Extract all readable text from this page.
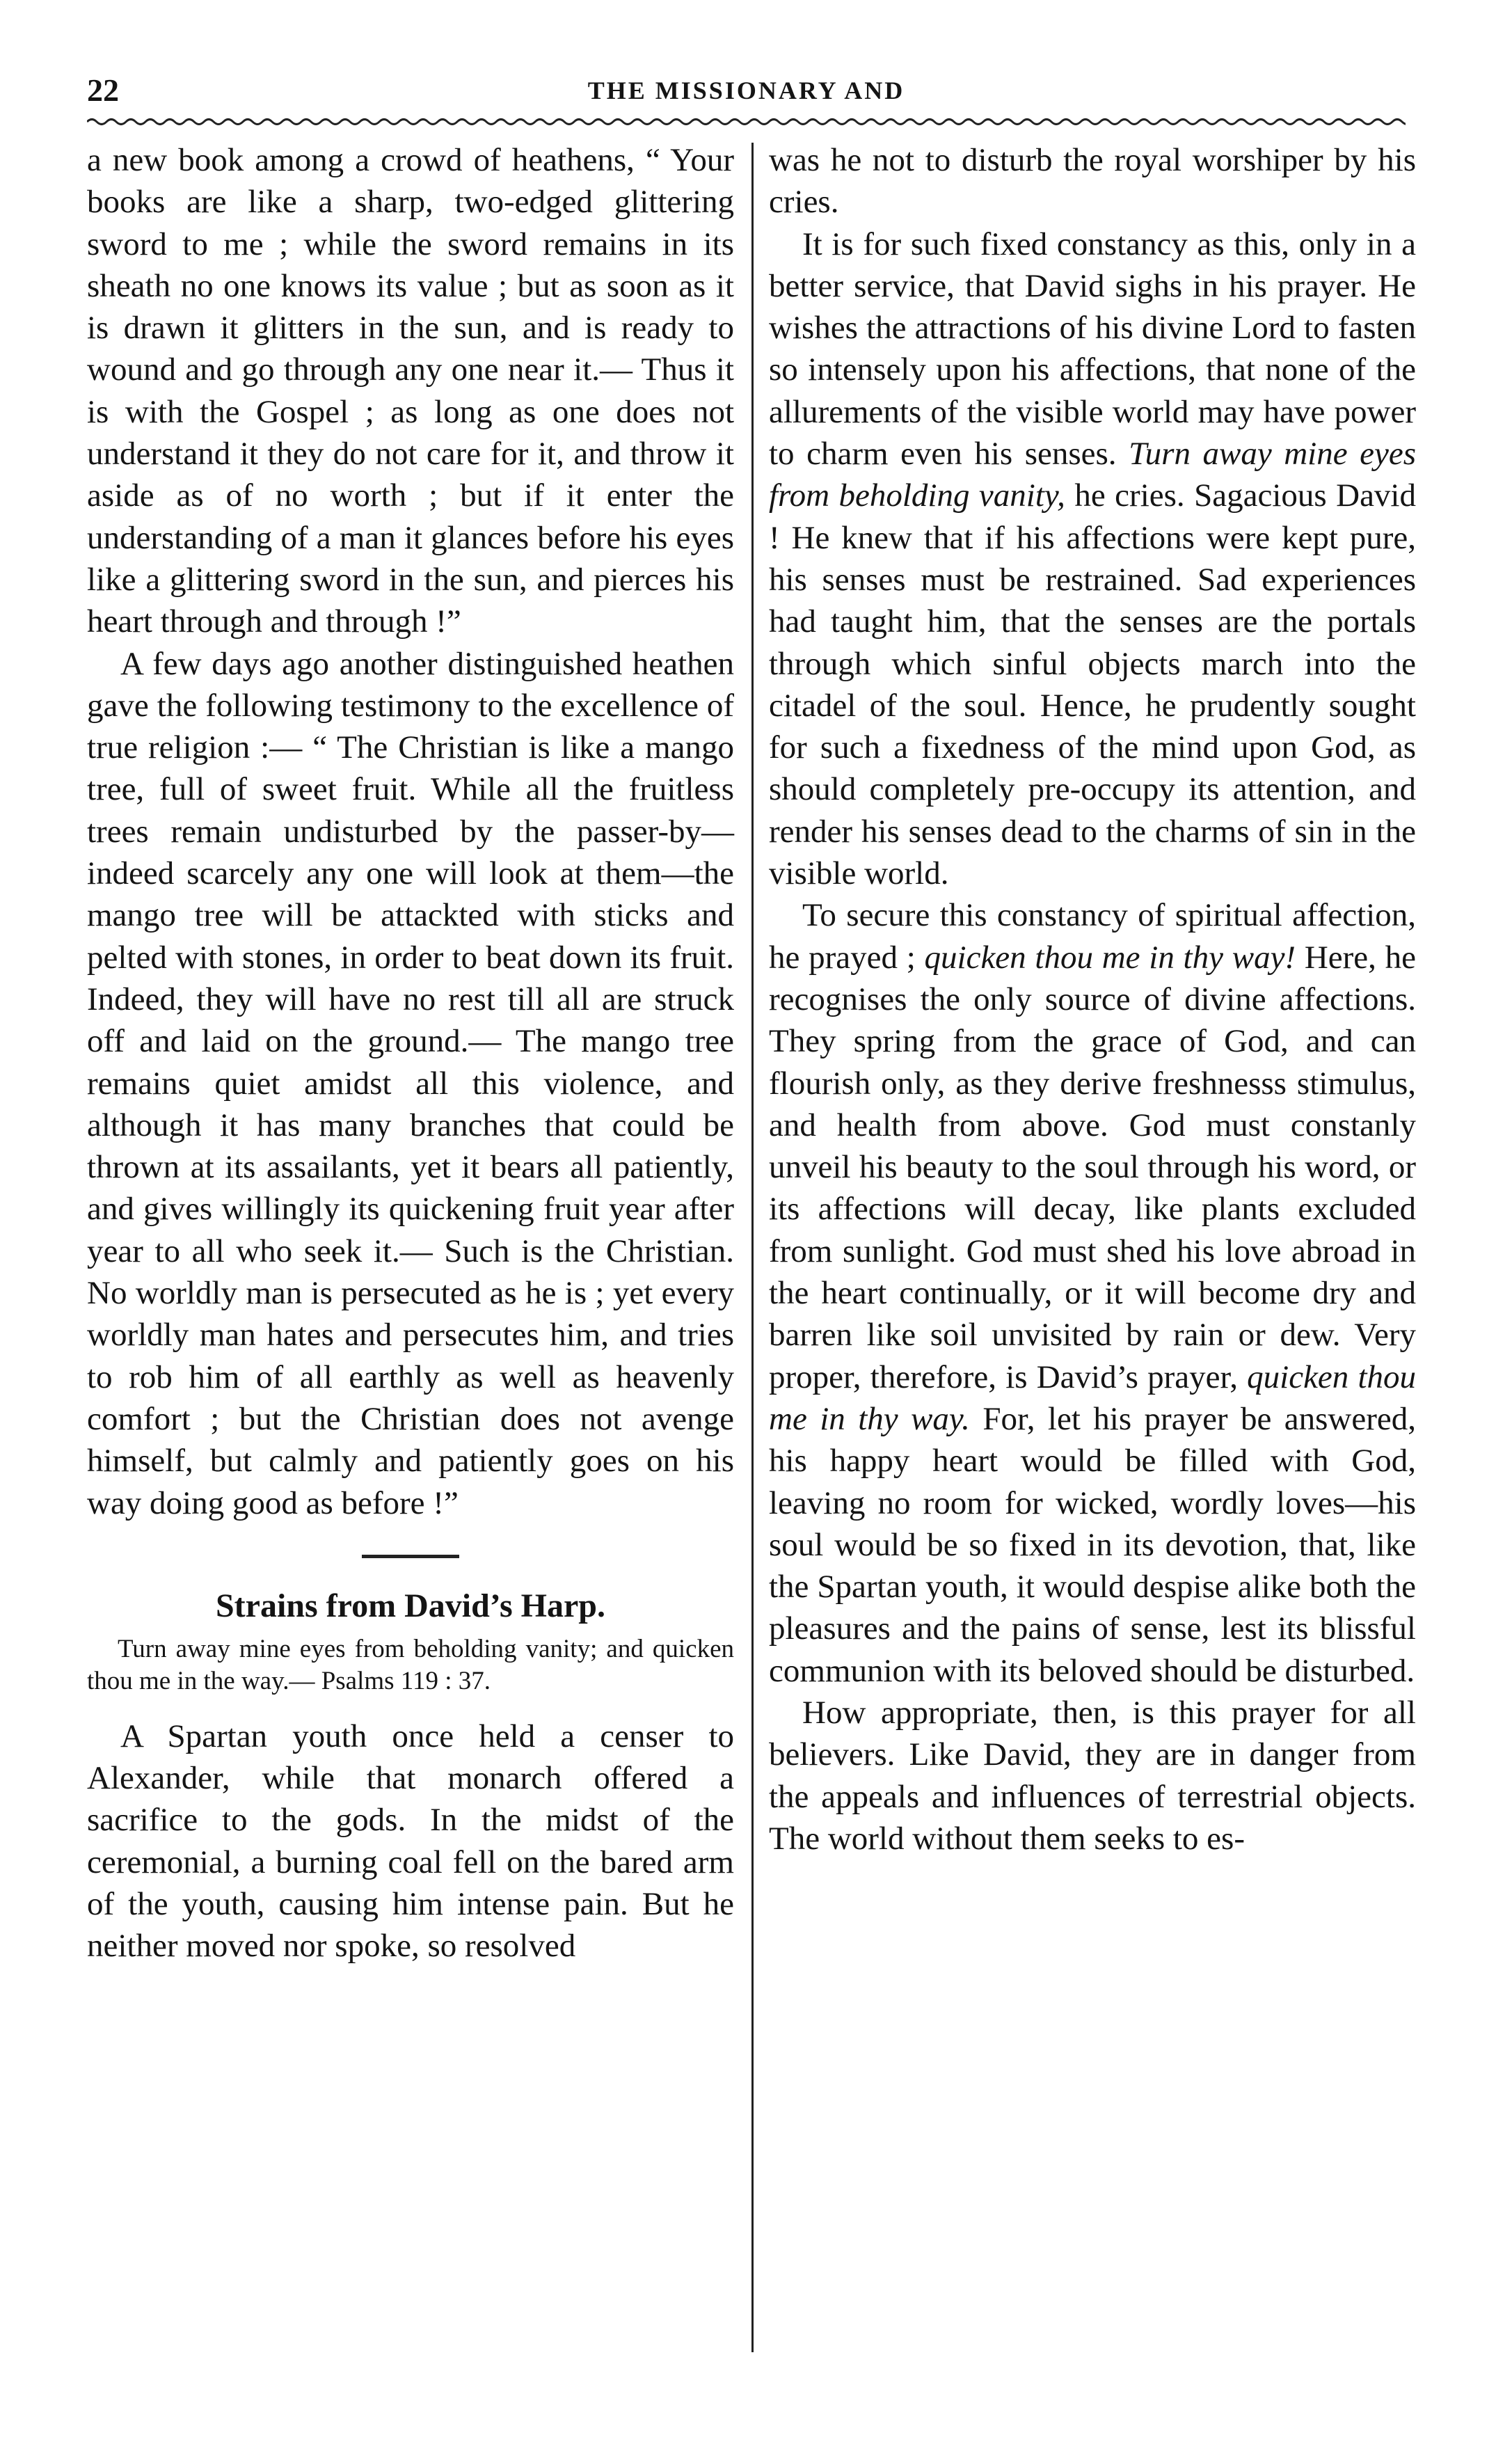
22	THE MISSIONARY AND

a new book among a crowd of heathens, “ Your books are like a sharp, two-edged glittering sword to me ; while the sword remains in its sheath no one knows its value ; but as soon as it is drawn it glitters in the sun, and is ready to wound and go through any one near it.— Thus it is with the Gospel ; as long as one does not understand it they do not care for it, and throw it aside as of no worth ; but if it enter the understanding of a man it glances before his eyes like a glittering sword in the sun, and pierces his heart through and through !”

A few days ago another distinguished heathen gave the following testimony to the excellence of true religion :— “ The Christian is like a mango tree, full of sweet fruit. While all the fruitless trees remain undisturbed by the passer-by—indeed scarcely any one will look at them—the mango tree will be attackted with sticks and pelted with stones, in order to beat down its fruit. Indeed, they will have no rest till all are struck off and laid on the ground.— The mango tree remains quiet amidst all this violence, and although it has many branches that could be thrown at its assailants, yet it bears all patiently, and gives willingly its quickening fruit year after year to all who seek it.— Such is the Christian. No worldly man is persecuted as he is ; yet every worldly man hates and persecutes him, and tries to rob him of all earthly as well as heavenly comfort ; but the Christian does not avenge himself, but calmly and patiently goes on his way doing good as before !”

Strains from David’s Harp.

Turn away mine eyes from beholding vanity; and quicken thou me in the way.— Psalms 119 : 37.

A Spartan youth once held a censer to Alexander, while that monarch offered a sacrifice to the gods. In the midst of the ceremonial, a burning coal fell on the bared arm of the youth, causing him intense pain. But he neither moved nor spoke, so resolved

was he not to disturb the royal worshiper by his cries.

It is for such fixed constancy as this, only in a better service, that David sighs in his prayer. He wishes the attractions of his divine Lord to fasten so intensely upon his affections, that none of the allurements of the visible world may have power to charm even his senses. Turn away mine eyes from beholding vanity, he cries. Sagacious David ! He knew that if his affections were kept pure, his senses must be restrained. Sad experiences had taught him, that the senses are the portals through which sinful objects march into the citadel of the soul. Hence, he prudently sought for such a fixedness of the mind upon God, as should completely pre-occupy its attention, and render his senses dead to the charms of sin in the visible world.

To secure this constancy of spiritual affection, he prayed ; quicken thou me in thy way! Here, he recognises the only source of divine affections. They spring from the grace of God, and can flourish only, as they derive freshnesss stimulus, and health from above. God must constanly unveil his beauty to the soul through his word, or its affections will decay, like plants excluded from sunlight. God must shed his love abroad in the heart continually, or it will become dry and barren like soil unvisited by rain or dew. Very proper, therefore, is David’s prayer, quicken thou me in thy way. For, let his prayer be answered, his happy heart would be filled with God, leaving no room for wicked, wordly loves—his soul would be so fixed in its devotion, that, like the Spartan youth, it would despise alike both the pleasures and the pains of sense, lest its blissful communion with its beloved should be disturbed.

How appropriate, then, is this prayer for all believers. Like David, they are in danger from the appeals and influences of terrestrial objects. The world without them seeks to es-
